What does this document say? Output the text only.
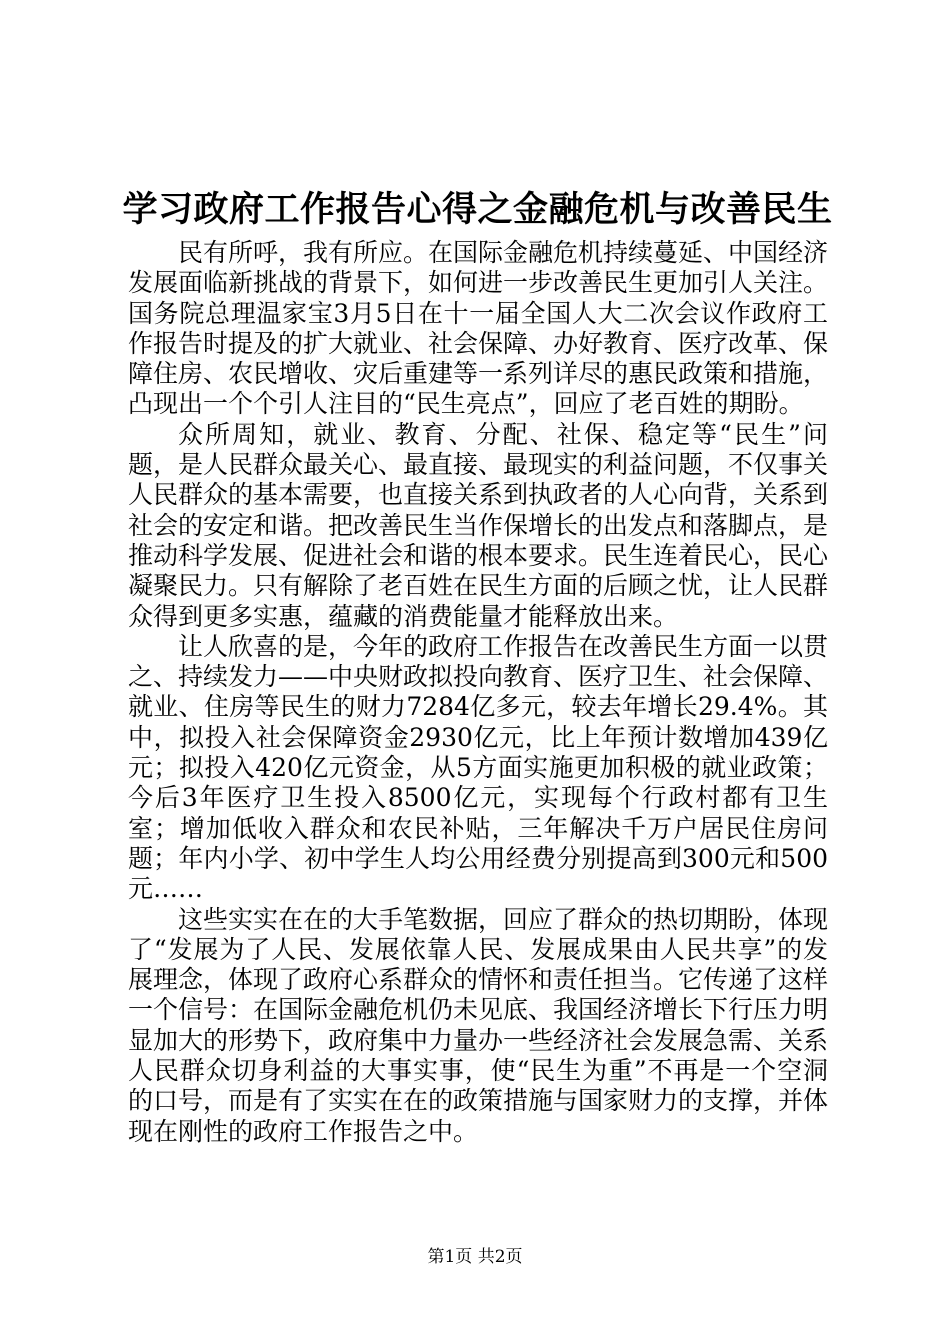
学习政府工作报告心得之金融危机与改善民生

民有所呼，我有所应。在国际金融危机持续蔓延、中国经济发展面临新挑战的背景下，如何进一步改善民生更加引人关注。国务院总理温家宝3月5日在十一届全国人大二次会议作政府工作报告时提及的扩大就业、社会保障、办好教育、医疗改革、保障住房、农民增收、灾后重建等一系列详尽的惠民政策和措施，凸现出一个个引人注目的“民生亮点”，回应了老百姓的期盼。

众所周知，就业、教育、分配、社保、稳定等“民生”问题，是人民群众最关心、最直接、最现实的利益问题，不仅事关人民群众的基本需要，也直接关系到执政者的人心向背，关系到社会的安定和谐。把改善民生当作保增长的出发点和落脚点，是推动科学发展、促进社会和谐的根本要求。民生连着民心，民心凝聚民力。只有解除了老百姓在民生方面的后顾之忧，让人民群众得到更多实惠，蕴藏的消费能量才能释放出来。

让人欣喜的是，今年的政府工作报告在改善民生方面一以贯之、持续发力——中央财政拟投向教育、医疗卫生、社会保障、就业、住房等民生的财力7284亿多元，较去年增长29.4%。其中，拟投入社会保障资金2930亿元，比上年预计数增加439亿元；拟投入420亿元资金，从5方面实施更加积极的就业政策；今后3年医疗卫生投入8500亿元，实现每个行政村都有卫生室；增加低收入群众和农民补贴，三年解决千万户居民住房问题；年内小学、初中学生人均公用经费分别提高到300元和500元……

这些实实在在的大手笔数据，回应了群众的热切期盼，体现了“发展为了人民、发展依靠人民、发展成果由人民共享”的发展理念，体现了政府心系群众的情怀和责任担当。它传递了这样一个信号：在国际金融危机仍未见底、我国经济增长下行压力明显加大的形势下，政府集中力量办一些经济社会发展急需、关系人民群众切身利益的大事实事，使“民生为重”不再是一个空洞的口号，而是有了实实在在的政策措施与国家财力的支撑，并体现在刚性的政府工作报告之中。

第1页 共2页
